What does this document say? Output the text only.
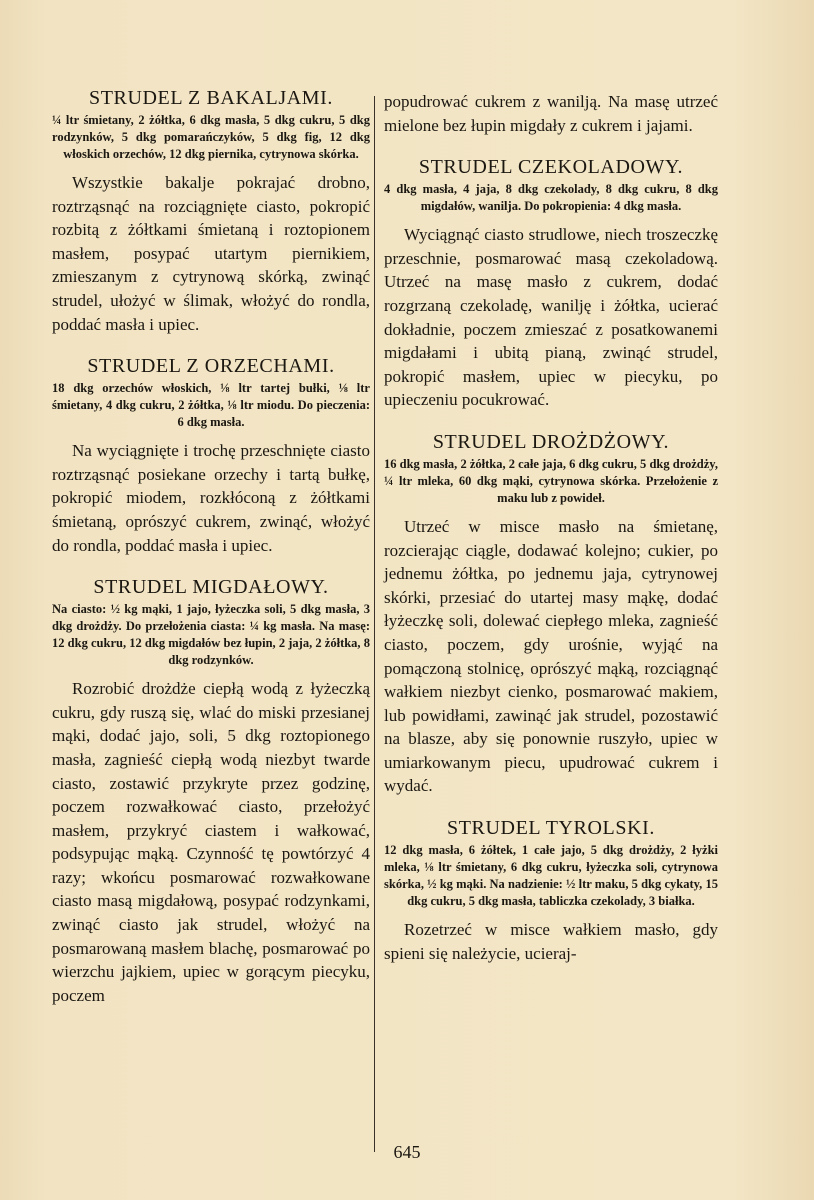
STRUDEL Z BAKALJAMI.

¼ ltr śmietany, 2 żółtka, 6 dkg masła, 5 dkg cukru, 5 dkg rodzynków, 5 dkg pomarańczyków, 5 dkg fig, 12 dkg włoskich orzechów, 12 dkg piernika, cytrynowa skórka.

Wszystkie bakalje pokrajać drobno, roztrząsnąć na rozciągnięte ciasto, pokropić rozbitą z żółtkami śmietaną i roztopionem masłem, posypać utartym piernikiem, zmieszanym z cytrynową skórką, zwinąć strudel, ułożyć w ślimak, włożyć do rondla, poddać masła i upiec.

STRUDEL Z ORZECHAMI.

18 dkg orzechów włoskich, ⅛ ltr tartej bułki, ⅛ ltr śmietany, 4 dkg cukru, 2 żółtka, ⅛ ltr miodu. Do pieczenia: 6 dkg masła.

Na wyciągnięte i trochę przeschnięte ciasto roztrząsnąć posiekane orzechy i tartą bułkę, pokropić miodem, rozkłóconą z żółtkami śmietaną, oprószyć cukrem, zwinąć, włożyć do rondla, poddać masła i upiec.

STRUDEL MIGDAŁOWY.

Na ciasto: ½ kg mąki, 1 jajo, łyżeczka soli, 5 dkg masła, 3 dkg drożdży. Do przełożenia ciasta: ¼ kg masła. Na masę: 12 dkg cukru, 12 dkg migdałów bez łupin, 2 jaja, 2 żółtka, 8 dkg rodzynków.

Rozrobić drożdże ciepłą wodą z łyżeczką cukru, gdy ruszą się, wlać do miski przesianej mąki, dodać jajo, soli, 5 dkg roztopionego masła, zagnieść ciepłą wodą niezbyt twarde ciasto, zostawić przykryte przez godzinę, poczem rozwałkować ciasto, przełożyć masłem, przykryć ciastem i wałkować, podsypując mąką. Czynność tę powtórzyć 4 razy; wkońcu posmarować rozwałkowane ciasto masą migdałową, posypać rodzynkami, zwinąć ciasto jak strudel, włożyć na posmarowaną masłem blachę, posmarować po wierzchu jajkiem, upiec w gorącym piecyku, poczem

popudrować cukrem z wanilją. Na masę utrzeć mielone bez łupin migdały z cukrem i jajami.

STRUDEL CZEKOLADOWY.

4 dkg masła, 4 jaja, 8 dkg czekolady, 8 dkg cukru, 8 dkg migdałów, wanilja. Do pokropienia: 4 dkg masła.

Wyciągnąć ciasto strudlowe, niech troszeczkę przeschnie, posmarować masą czekoladową. Utrzeć na masę masło z cukrem, dodać rozgrzaną czekoladę, wanilję i żółtka, ucierać dokładnie, poczem zmieszać z posatkowanemi migdałami i ubitą pianą, zwinąć strudel, pokropić masłem, upiec w piecyku, po upieczeniu pocukrować.

STRUDEL DROŻDŻOWY.

16 dkg masła, 2 żółtka, 2 całe jaja, 6 dkg cukru, 5 dkg drożdży, ¼ ltr mleka, 60 dkg mąki, cytrynowa skórka. Przełożenie z maku lub z powideł.

Utrzeć w misce masło na śmietanę, rozcierając ciągle, dodawać kolejno; cukier, po jednemu żółtka, po jednemu jaja, cytrynowej skórki, przesiać do utartej masy mąkę, dodać łyżeczkę soli, dolewać ciepłego mleka, zagnieść ciasto, poczem, gdy urośnie, wyjąć na pomączoną stolnicę, oprószyć mąką, rozciągnąć wałkiem niezbyt cienko, posmarować makiem, lub powidłami, zawinąć jak strudel, pozostawić na blasze, aby się ponownie ruszyło, upiec w umiarkowanym piecu, upudrować cukrem i wydać.

STRUDEL TYROLSKI.

12 dkg masła, 6 żółtek, 1 całe jajo, 5 dkg drożdży, 2 łyżki mleka, ⅛ ltr śmietany, 6 dkg cukru, łyżeczka soli, cytrynowa skórka, ½ kg mąki. Na nadzienie: ½ ltr maku, 5 dkg cykaty, 15 dkg cukru, 5 dkg masła, tabliczka czekolady, 3 białka.

Rozetrzeć w misce wałkiem masło, gdy spieni się należycie, ucieraj-

645
